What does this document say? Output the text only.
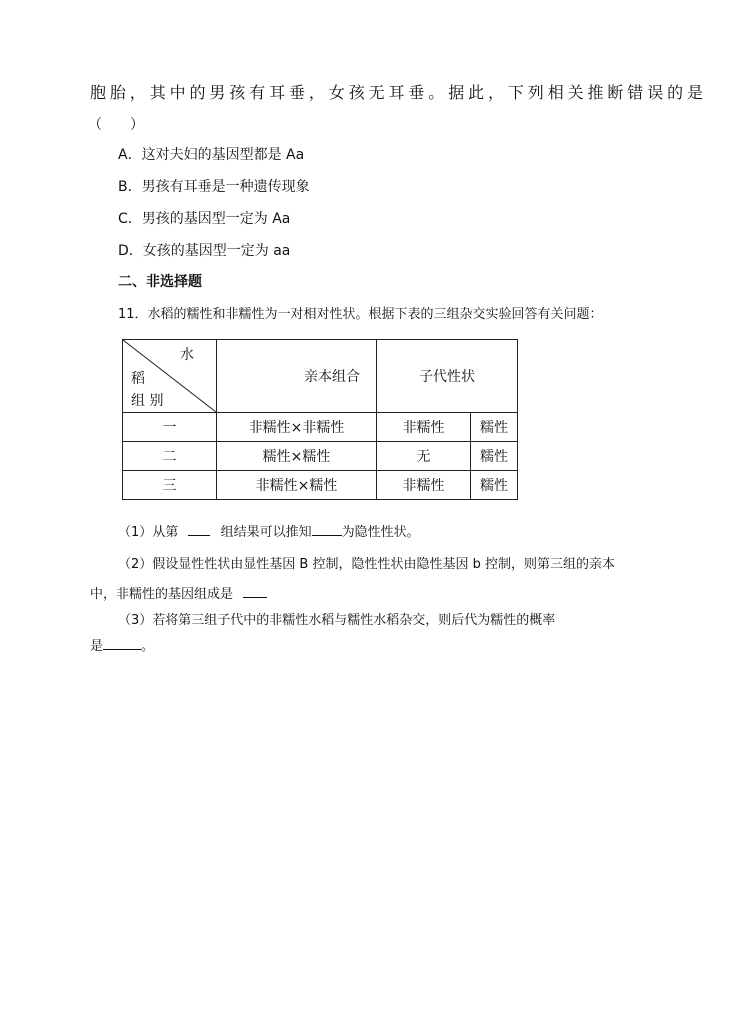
胞胎，其中的男孩有耳垂，女孩无耳垂。据此，下列相关推断错误的是
（　　）
A．这对夫妇的基因型都是 Aa
B．男孩有耳垂是一种遗传现象
C．男孩的基因型一定为 Aa
D．女孩的基因型一定为 aa
二、非选择题
11．水稻的糯性和非糯性为一对相对性状。根据下表的三组杂交实验回答有关问题：
水
稻
组 别	亲本组合	子代性状	
一	非糯性×非糯性	非糯性	糯性
二	糯性×糯性	无	糯性
三	非糯性×糯性	非糯性	糯性
（1）从第	组结果可以推知 为隐性性状。
（2）假设显性性状由显性基因 B 控制，隐性性状由隐性基因 b 控制，则第三组的亲本
中，非糯性的基因组成是
（3）若将第三组子代中的非糯性水稻与糯性水稻杂交，则后代为糯性的概率
是	。
